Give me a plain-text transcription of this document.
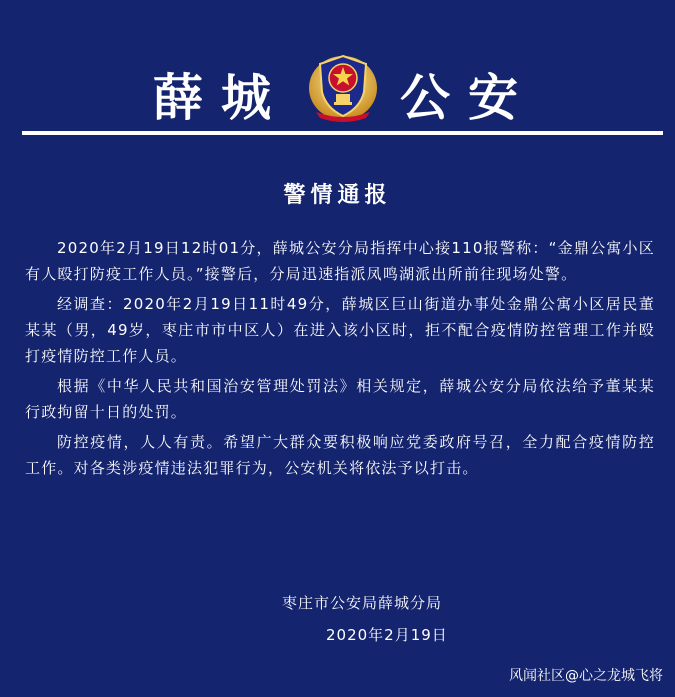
薛城 公安
警情通报

2020年2月19日12时01分，薛城公安分局指挥中心接110报警称：“金鼎公寓小区有人殴打防疫工作人员。”接警后，分局迅速指派凤鸣湖派出所前往现场处警。

经调查：2020年2月19日11时49分，薛城区巨山街道办事处金鼎公寓小区居民董某某（男，49岁，枣庄市市中区人）在进入该小区时，拒不配合疫情防控管理工作并殴打疫情防控工作人员。

根据《中华人民共和国治安管理处罚法》相关规定，薛城公安分局依法给予董某某行政拘留十日的处罚。

防控疫情，人人有责。希望广大群众要积极响应党委政府号召，全力配合疫情防控工作。对各类涉疫情违法犯罪行为，公安机关将依法予以打击。

枣庄市公安局薛城分局
2020年2月19日
风闻社区@心之龙城飞将
